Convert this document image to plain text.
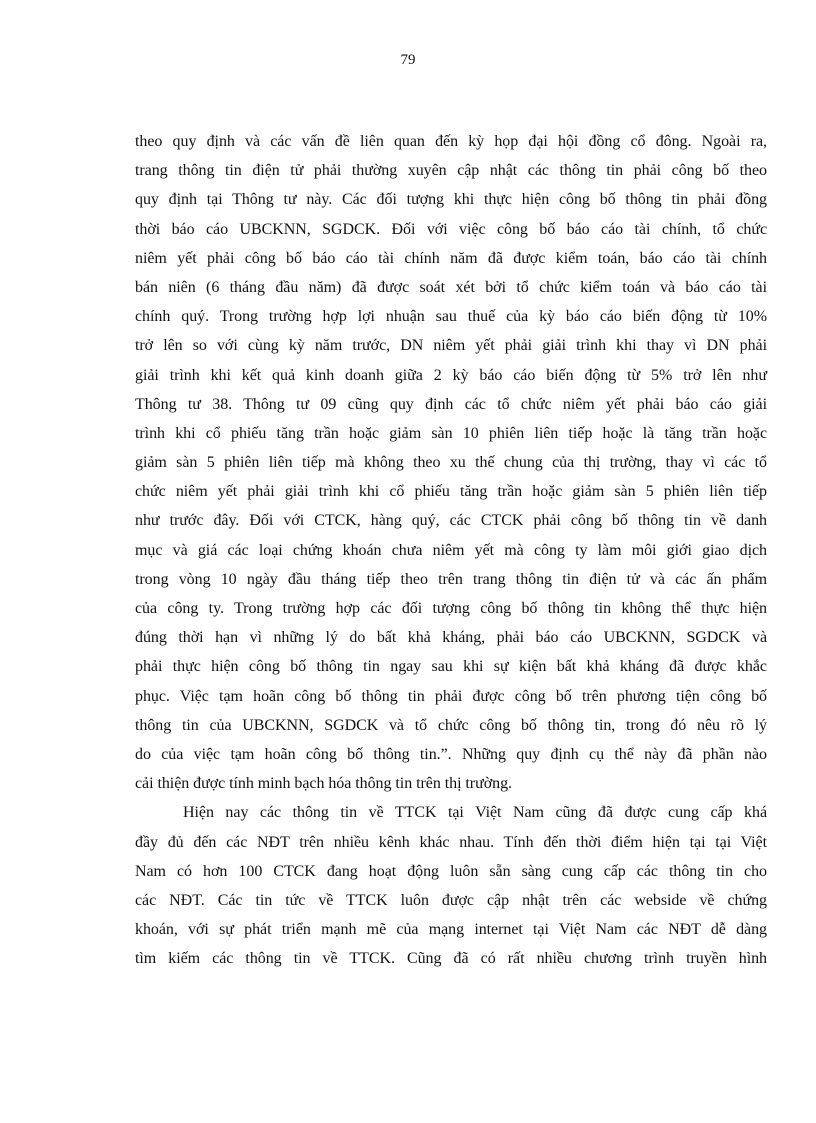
79
theo quy định và các vấn đề liên quan đến kỳ họp đại hội đồng cổ đông. Ngoài ra,
trang thông tin điện tử phải thường xuyên cập nhật các thông tin phải công bố theo
quy định tại Thông tư này. Các đối tượng khi thực hiện công bố thông tin phải đồng
thời báo cáo UBCKNN, SGDCK. Đối với việc công bố báo cáo tài chính, tổ chức
niêm yết phải công bố báo cáo tài chính năm đã được kiểm toán, báo cáo tài chính
bán niên (6 tháng đầu năm) đã được soát xét bởi tổ chức kiểm toán và báo cáo tài
chính quý. Trong trường hợp lợi nhuận sau thuế của kỳ báo cáo biến động từ 10%
trở lên so với cùng kỳ năm trước, DN niêm yết phải giải trình khi thay vì DN phải
giải trình khi kết quả kinh doanh giữa 2 kỳ báo cáo biến động từ 5% trở lên như
Thông tư 38. Thông tư 09 cũng quy định các tổ chức niêm yết phải báo cáo giải
trình khi cổ phiếu tăng trần hoặc giảm sàn 10 phiên liên tiếp hoặc là tăng trần hoặc
giảm sàn 5 phiên liên tiếp mà không theo xu thế chung của thị trường, thay vì các tổ
chức niêm yết phải giải trình khi cổ phiếu tăng trần hoặc giảm sàn 5 phiên liên tiếp
như trước đây. Đối với CTCK, hàng quý, các CTCK phải công bố thông tin về danh
mục và giá các loại chứng khoán chưa niêm yết mà công ty làm môi giới giao dịch
trong vòng 10 ngày đầu tháng tiếp theo trên trang thông tin điện tử và các ấn phẩm
của công ty. Trong trường hợp các đối tượng công bố thông tin không thể thực hiện
đúng thời hạn vì những lý do bất khả kháng, phải báo cáo UBCKNN, SGDCK và
phải thực hiện công bố thông tin ngay sau khi sự kiện bất khả kháng đã được khắc
phục. Việc tạm hoãn công bố thông tin phải được công bố trên phương tiện công bố
thông tin của UBCKNN, SGDCK và tổ chức công bố thông tin, trong đó nêu rõ lý
do của việc tạm hoãn công bố thông tin.”. Những quy định cụ thể này đã phần nào
cải thiện được tính minh bạch hóa thông tin trên thị trường.
Hiện nay các thông tin về TTCK tại Việt Nam cũng đã được cung cấp khá
đầy đủ đến các NĐT trên nhiều kênh khác nhau. Tính đến thời điểm hiện tại tại Việt
Nam có hơn 100 CTCK đang hoạt động luôn sẵn sàng cung cấp các thông tin cho
các NĐT. Các tin tức về TTCK luôn được cập nhật trên các webside về chứng
khoán, với sự phát triển mạnh mẽ của mạng internet tại Việt Nam các NĐT dễ dàng
tìm kiếm các thông tin về TTCK. Cũng đã có rất nhiều chương trình truyền hình
